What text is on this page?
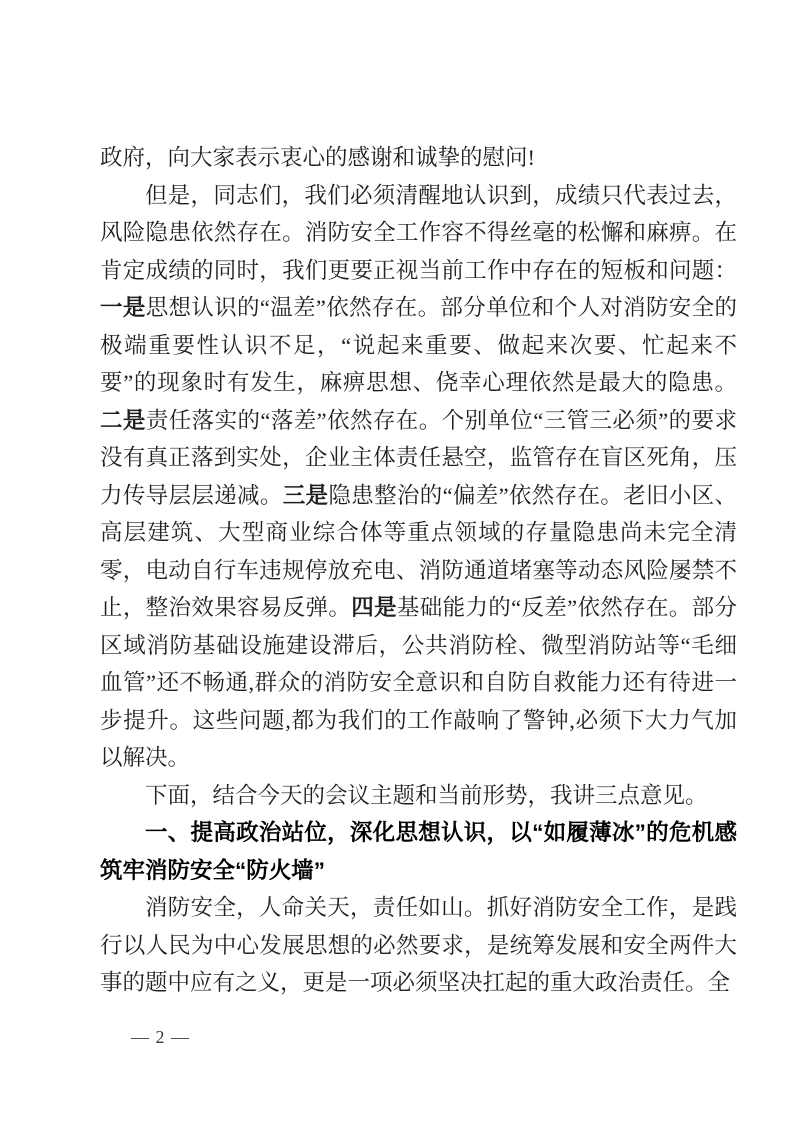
政府，向大家表示衷心的感谢和诚挚的慰问!

但是，同志们，我们必须清醒地认识到，成绩只代表过去，风险隐患依然存在。消防安全工作容不得丝毫的松懈和麻痹。在肯定成绩的同时，我们更要正视当前工作中存在的短板和问题：一是思想认识的“温差”依然存在。部分单位和个人对消防安全的极端重要性认识不足，“说起来重要、做起来次要、忙起来不要”的现象时有发生，麻痹思想、侥幸心理依然是最大的隐患。二是责任落实的“落差”依然存在。个别单位“三管三必须”的要求没有真正落到实处，企业主体责任悬空，监管存在盲区死角，压力传导层层递减。三是隐患整治的“偏差”依然存在。老旧小区、高层建筑、大型商业综合体等重点领域的存量隐患尚未完全清零，电动自行车违规停放充电、消防通道堵塞等动态风险屡禁不止，整治效果容易反弹。四是基础能力的“反差”依然存在。部分区域消防基础设施建设滞后，公共消防栓、微型消防站等“毛细血管”还不畅通,群众的消防安全意识和自防自救能力还有待进一步提升。这些问题,都为我们的工作敲响了警钟,必须下大力气加以解决。

下面，结合今天的会议主题和当前形势，我讲三点意见。

一、提高政治站位，深化思想认识，以“如履薄冰”的危机感筑牢消防安全“防火墙”

消防安全，人命关天，责任如山。抓好消防安全工作，是践行以人民为中心发展思想的必然要求，是统筹发展和安全两件大事的题中应有之义，更是一项必须坚决扛起的重大政治责任。全

— 2 —
